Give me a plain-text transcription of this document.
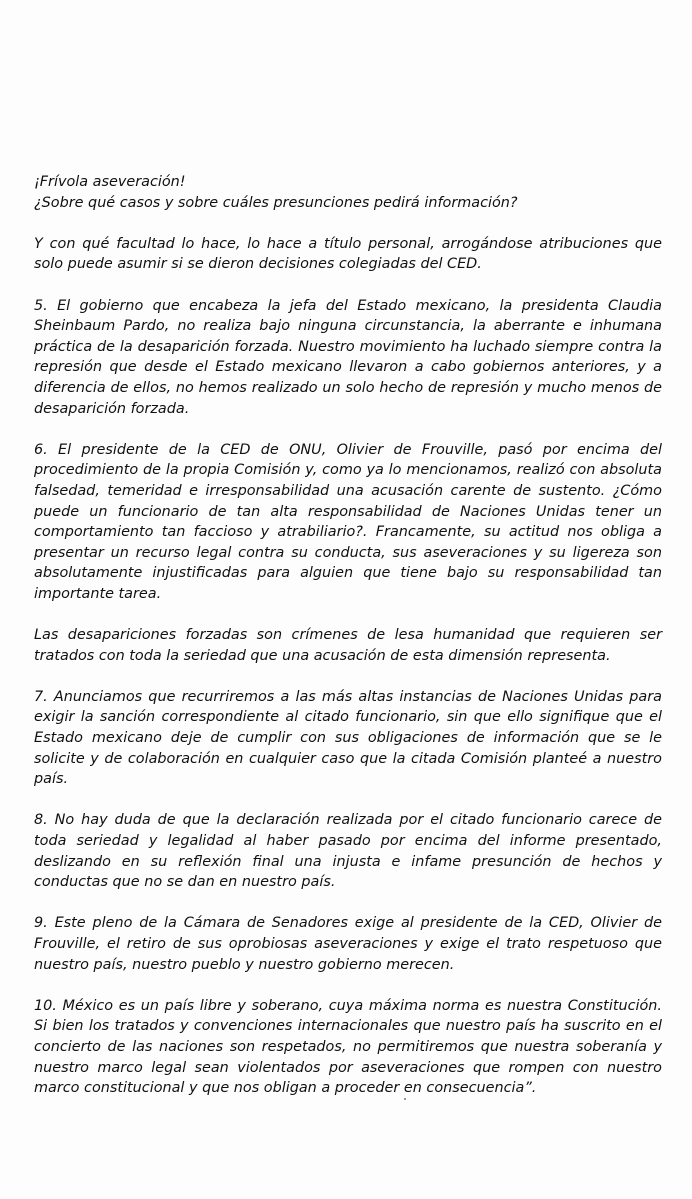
¡Frívola aseveración!

¿Sobre qué casos y sobre cuáles presunciones pedirá información?

Y con qué facultad lo hace, lo hace a título personal, arrogándose atribuciones que solo puede asumir si se dieron decisiones colegiadas del CED.

5. El gobierno que encabeza la jefa del Estado mexicano, la presidenta Claudia Sheinbaum Pardo, no realiza bajo ninguna circunstancia, la aberrante e inhumana práctica de la desaparición forzada. Nuestro movimiento ha luchado siempre contra la represión que desde el Estado mexicano llevaron a cabo gobiernos anteriores, y a diferencia de ellos, no hemos realizado un solo hecho de represión y mucho menos de desaparición forzada.

6. El presidente de la CED de ONU, Olivier de Frouville, pasó por encima del procedimiento de la propia Comisión y, como ya lo mencionamos, realizó con absoluta falsedad, temeridad e irresponsabilidad una acusación carente de sustento. ¿Cómo puede un funcionario de tan alta responsabilidad de Naciones Unidas tener un comportamiento tan faccioso y atrabiliario?. Francamente, su actitud nos obliga a presentar un recurso legal contra su conducta, sus aseveraciones y su ligereza son absolutamente injustificadas para alguien que tiene bajo su responsabilidad tan importante tarea.

Las desapariciones forzadas son crímenes de lesa humanidad que requieren ser tratados con toda la seriedad que una acusación de esta dimensión representa.

7. Anunciamos que recurriremos a las más altas instancias de Naciones Unidas para exigir la sanción correspondiente al citado funcionario, sin que ello signifique que el Estado mexicano deje de cumplir con sus obligaciones de información que se le solicite y de colaboración en cualquier caso que la citada Comisión planteé a nuestro país.

8. No hay duda de que la declaración realizada por el citado funcionario carece de toda seriedad y legalidad al haber pasado por encima del informe presentado, deslizando en su reflexión final una injusta e infame presunción de hechos y conductas que no se dan en nuestro país.

9. Este pleno de la Cámara de Senadores exige al presidente de la CED, Olivier de Frouville, el retiro de sus oprobiosas aseveraciones y exige el trato respetuoso que nuestro país, nuestro pueblo y nuestro gobierno merecen.

10. México es un país libre y soberano, cuya máxima norma es nuestra Constitución. Si bien los tratados y convenciones internacionales que nuestro país ha suscrito en el concierto de las naciones son respetados, no permitiremos que nuestra soberanía y nuestro marco legal sean violentados por aseveraciones que rompen con nuestro marco constitucional y que nos obligan a proceder en consecuencia”.
